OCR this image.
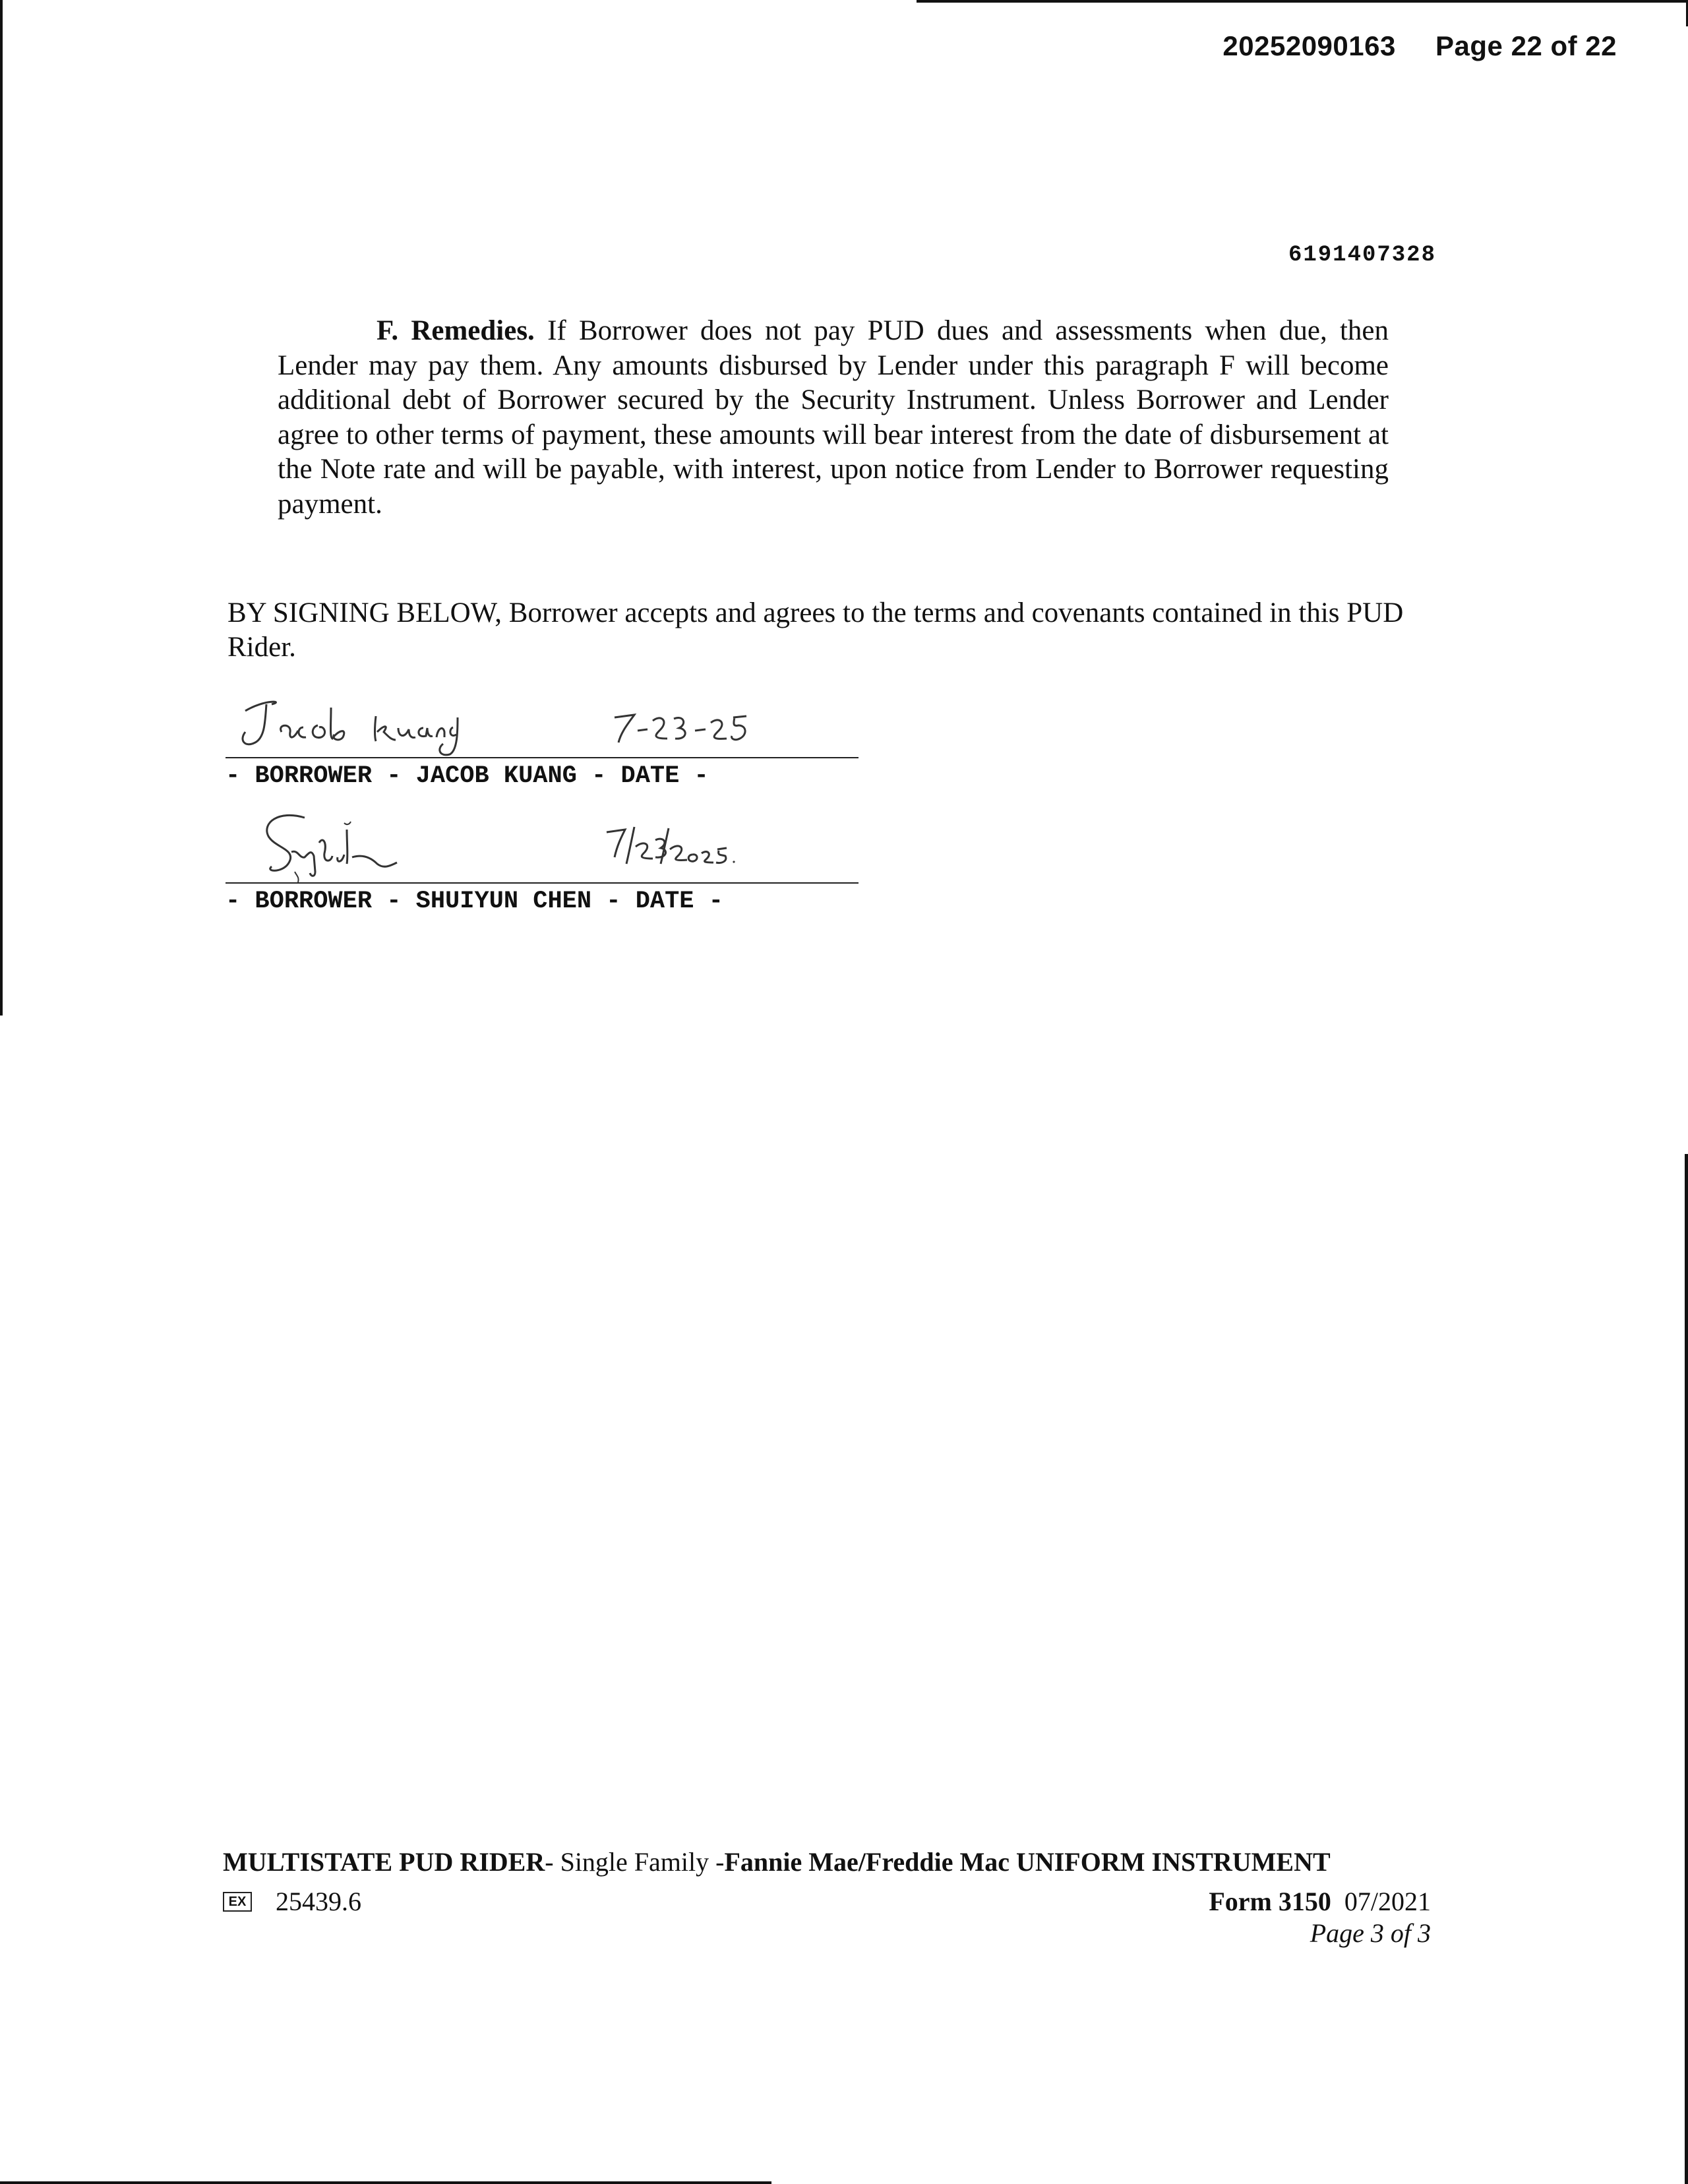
20252090163 Page 22 of 22
6191407328
F. Remedies. If Borrower does not pay PUD dues and assessments when due, then Lender may pay them. Any amounts disbursed by Lender under this paragraph F will become additional debt of Borrower secured by the Security Instrument. Unless Borrower and Lender agree to other terms of payment, these amounts will bear interest from the date of disbursement at the Note rate and will be payable, with interest, upon notice from Lender to Borrower requesting payment.
BY SIGNING BELOW, Borrower accepts and agrees to the terms and covenants contained in this PUD Rider.
- BORROWER - JACOB KUANG - DATE -
- BORROWER - SHUIYUN CHEN - DATE -
MULTISTATE PUD RIDER- Single Family -Fannie Mae/Freddie Mac UNIFORM INSTRUMENT
EX 25439.6	Form 3150 07/2021
Page 3 of 3
